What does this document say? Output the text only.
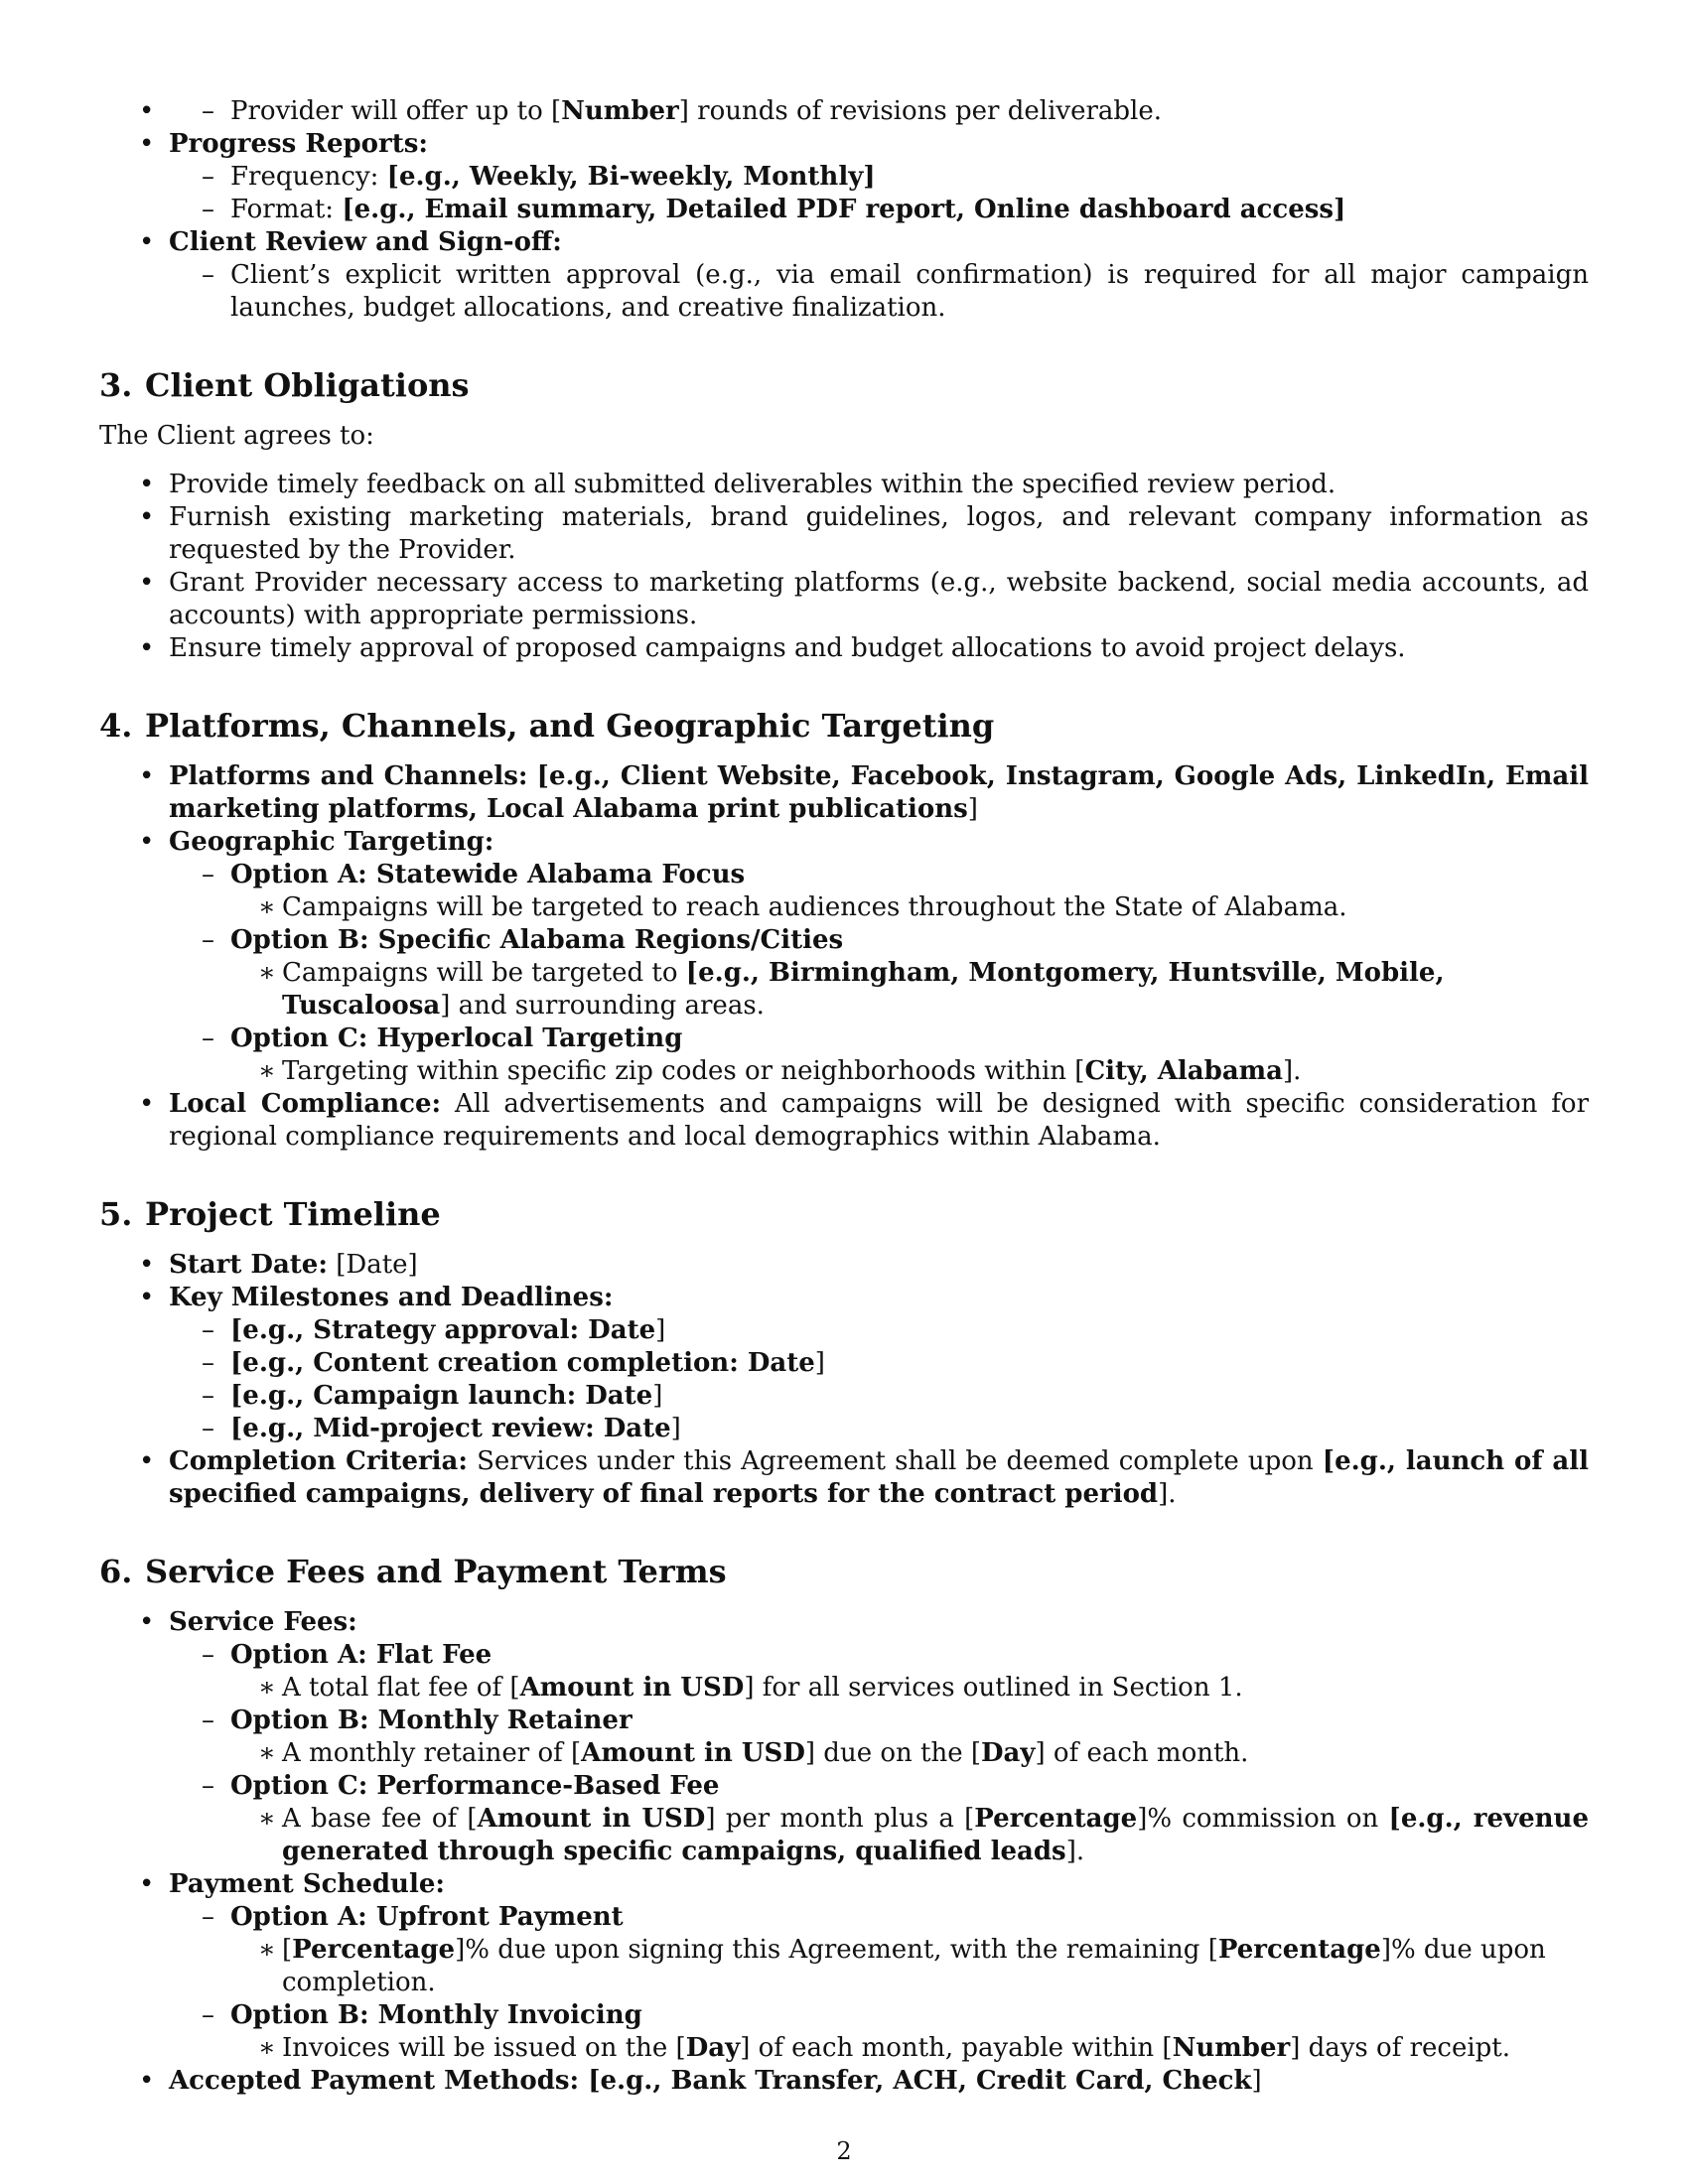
– • Provider will offer up to [Number] rounds of revisions per deliverable.
• Progress Reports:
– Frequency: [e.g., Weekly, Bi-weekly, Monthly]
– Format: [e.g., Email summary, Detailed PDF report, Online dashboard access]
• Client Review and Sign-off:
– Client’s explicit written approval (e.g., via email confirmation) is required for all major campaign launches, budget allocations, and creative finalization.
3. Client Obligations

The Client agrees to:

• Provide timely feedback on all submitted deliverables within the specified review period.
• Furnish existing marketing materials, brand guidelines, logos, and relevant company information as requested by the Provider.
• Grant Provider necessary access to marketing platforms (e.g., website backend, social media accounts, ad accounts) with appropriate permissions.
• Ensure timely approval of proposed campaigns and budget allocations to avoid project delays.
4. Platforms, Channels, and Geographic Targeting
• Platforms and Channels: [e.g., Client Website, Facebook, Instagram, Google Ads, LinkedIn, Email marketing platforms, Local Alabama print publications]
• Geographic Targeting:
– Option A: Statewide Alabama Focus
∗ Campaigns will be targeted to reach audiences throughout the State of Alabama.
– Option B: Specific Alabama Regions/Cities
∗ Campaigns will be targeted to [e.g., Birmingham, Montgomery, Huntsville, Mobile, Tuscaloosa] and surrounding areas.
– Option C: Hyperlocal Targeting
∗ Targeting within specific zip codes or neighborhoods within [City, Alabama].
• Local Compliance: All advertisements and campaigns will be designed with specific consideration for regional compliance requirements and local demographics within Alabama.
5. Project Timeline
• Start Date: [Date]
• Key Milestones and Deadlines:
– [e.g., Strategy approval: Date]
– [e.g., Content creation completion: Date]
– [e.g., Campaign launch: Date]
– [e.g., Mid-project review: Date]
• Completion Criteria: Services under this Agreement shall be deemed complete upon [e.g., launch of all specified campaigns, delivery of final reports for the contract period].
6. Service Fees and Payment Terms
• Service Fees:
– Option A: Flat Fee
∗ A total flat fee of [Amount in USD] for all services outlined in Section 1.
– Option B: Monthly Retainer
∗ A monthly retainer of [Amount in USD] due on the [Day] of each month.
– Option C: Performance-Based Fee
∗ A base fee of [Amount in USD] per month plus a [Percentage]% commission on [e.g., revenue generated through specific campaigns, qualified leads].
• Payment Schedule:
– Option A: Upfront Payment
∗ [Percentage]% due upon signing this Agreement, with the remaining [Percentage]% due upon completion.
– Option B: Monthly Invoicing
∗ Invoices will be issued on the [Day] of each month, payable within [Number] days of receipt.
• Accepted Payment Methods: [e.g., Bank Transfer, ACH, Credit Card, Check]
2
